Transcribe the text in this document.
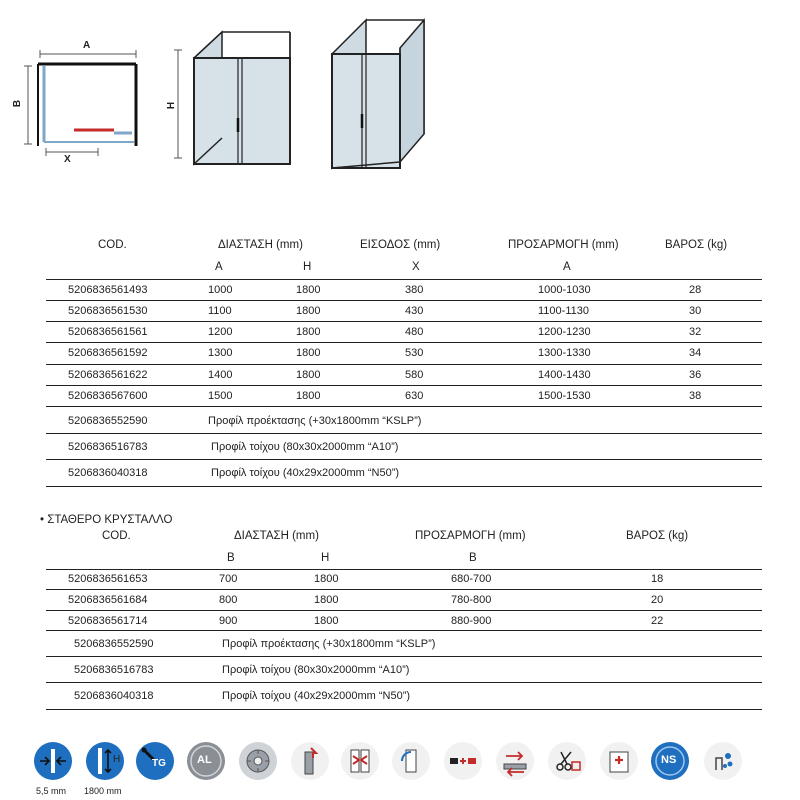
A
B
X
H
COD.	ΔΙΑΣΤΑΣΗ (mm)	ΕΙΣΟΔΟΣ (mm)	ΠΡΟΣΑΡΜΟΓΗ (mm)	ΒΑΡΟΣ (kg)
A	H	X	A
5206836561493	1000	1800	380	1000-1030	28
5206836561530	1100	1800	430	1100-1130	30
5206836561561	1200	1800	480	1200-1230	32
5206836561592	1300	1800	530	1300-1330	34
5206836561622	1400	1800	580	1400-1430	36
5206836567600	1500	1800	630	1500-1530	38
5206836552590	Προφίλ προέκτασης (+30x1800mm “KSLP”)
5206836516783	Προφίλ τοίχου (80x30x2000mm “A10”)
5206836040318	Προφίλ τοίχου (40x29x2000mm “N50”)
• ΣΤΑΘΕΡΟ ΚΡΥΣΤΑΛΛΟ
COD.	ΔΙΑΣΤΑΣΗ (mm)	ΠΡΟΣΑΡΜΟΓΗ (mm)	ΒΑΡΟΣ (kg)
B	H	B
5206836561653	700	1800	680-700	18
5206836561684	800	1800	780-800	20
5206836561714	900	1800	880-900	22
5206836552590	Προφίλ προέκτασης (+30x1800mm “KSLP”)
5206836516783	Προφίλ τοίχου (80x30x2000mm “A10”)
5206836040318	Προφίλ τοίχου (40x29x2000mm “N50”)
5,5 mm
H
1800 mm
TG	AL	NS
